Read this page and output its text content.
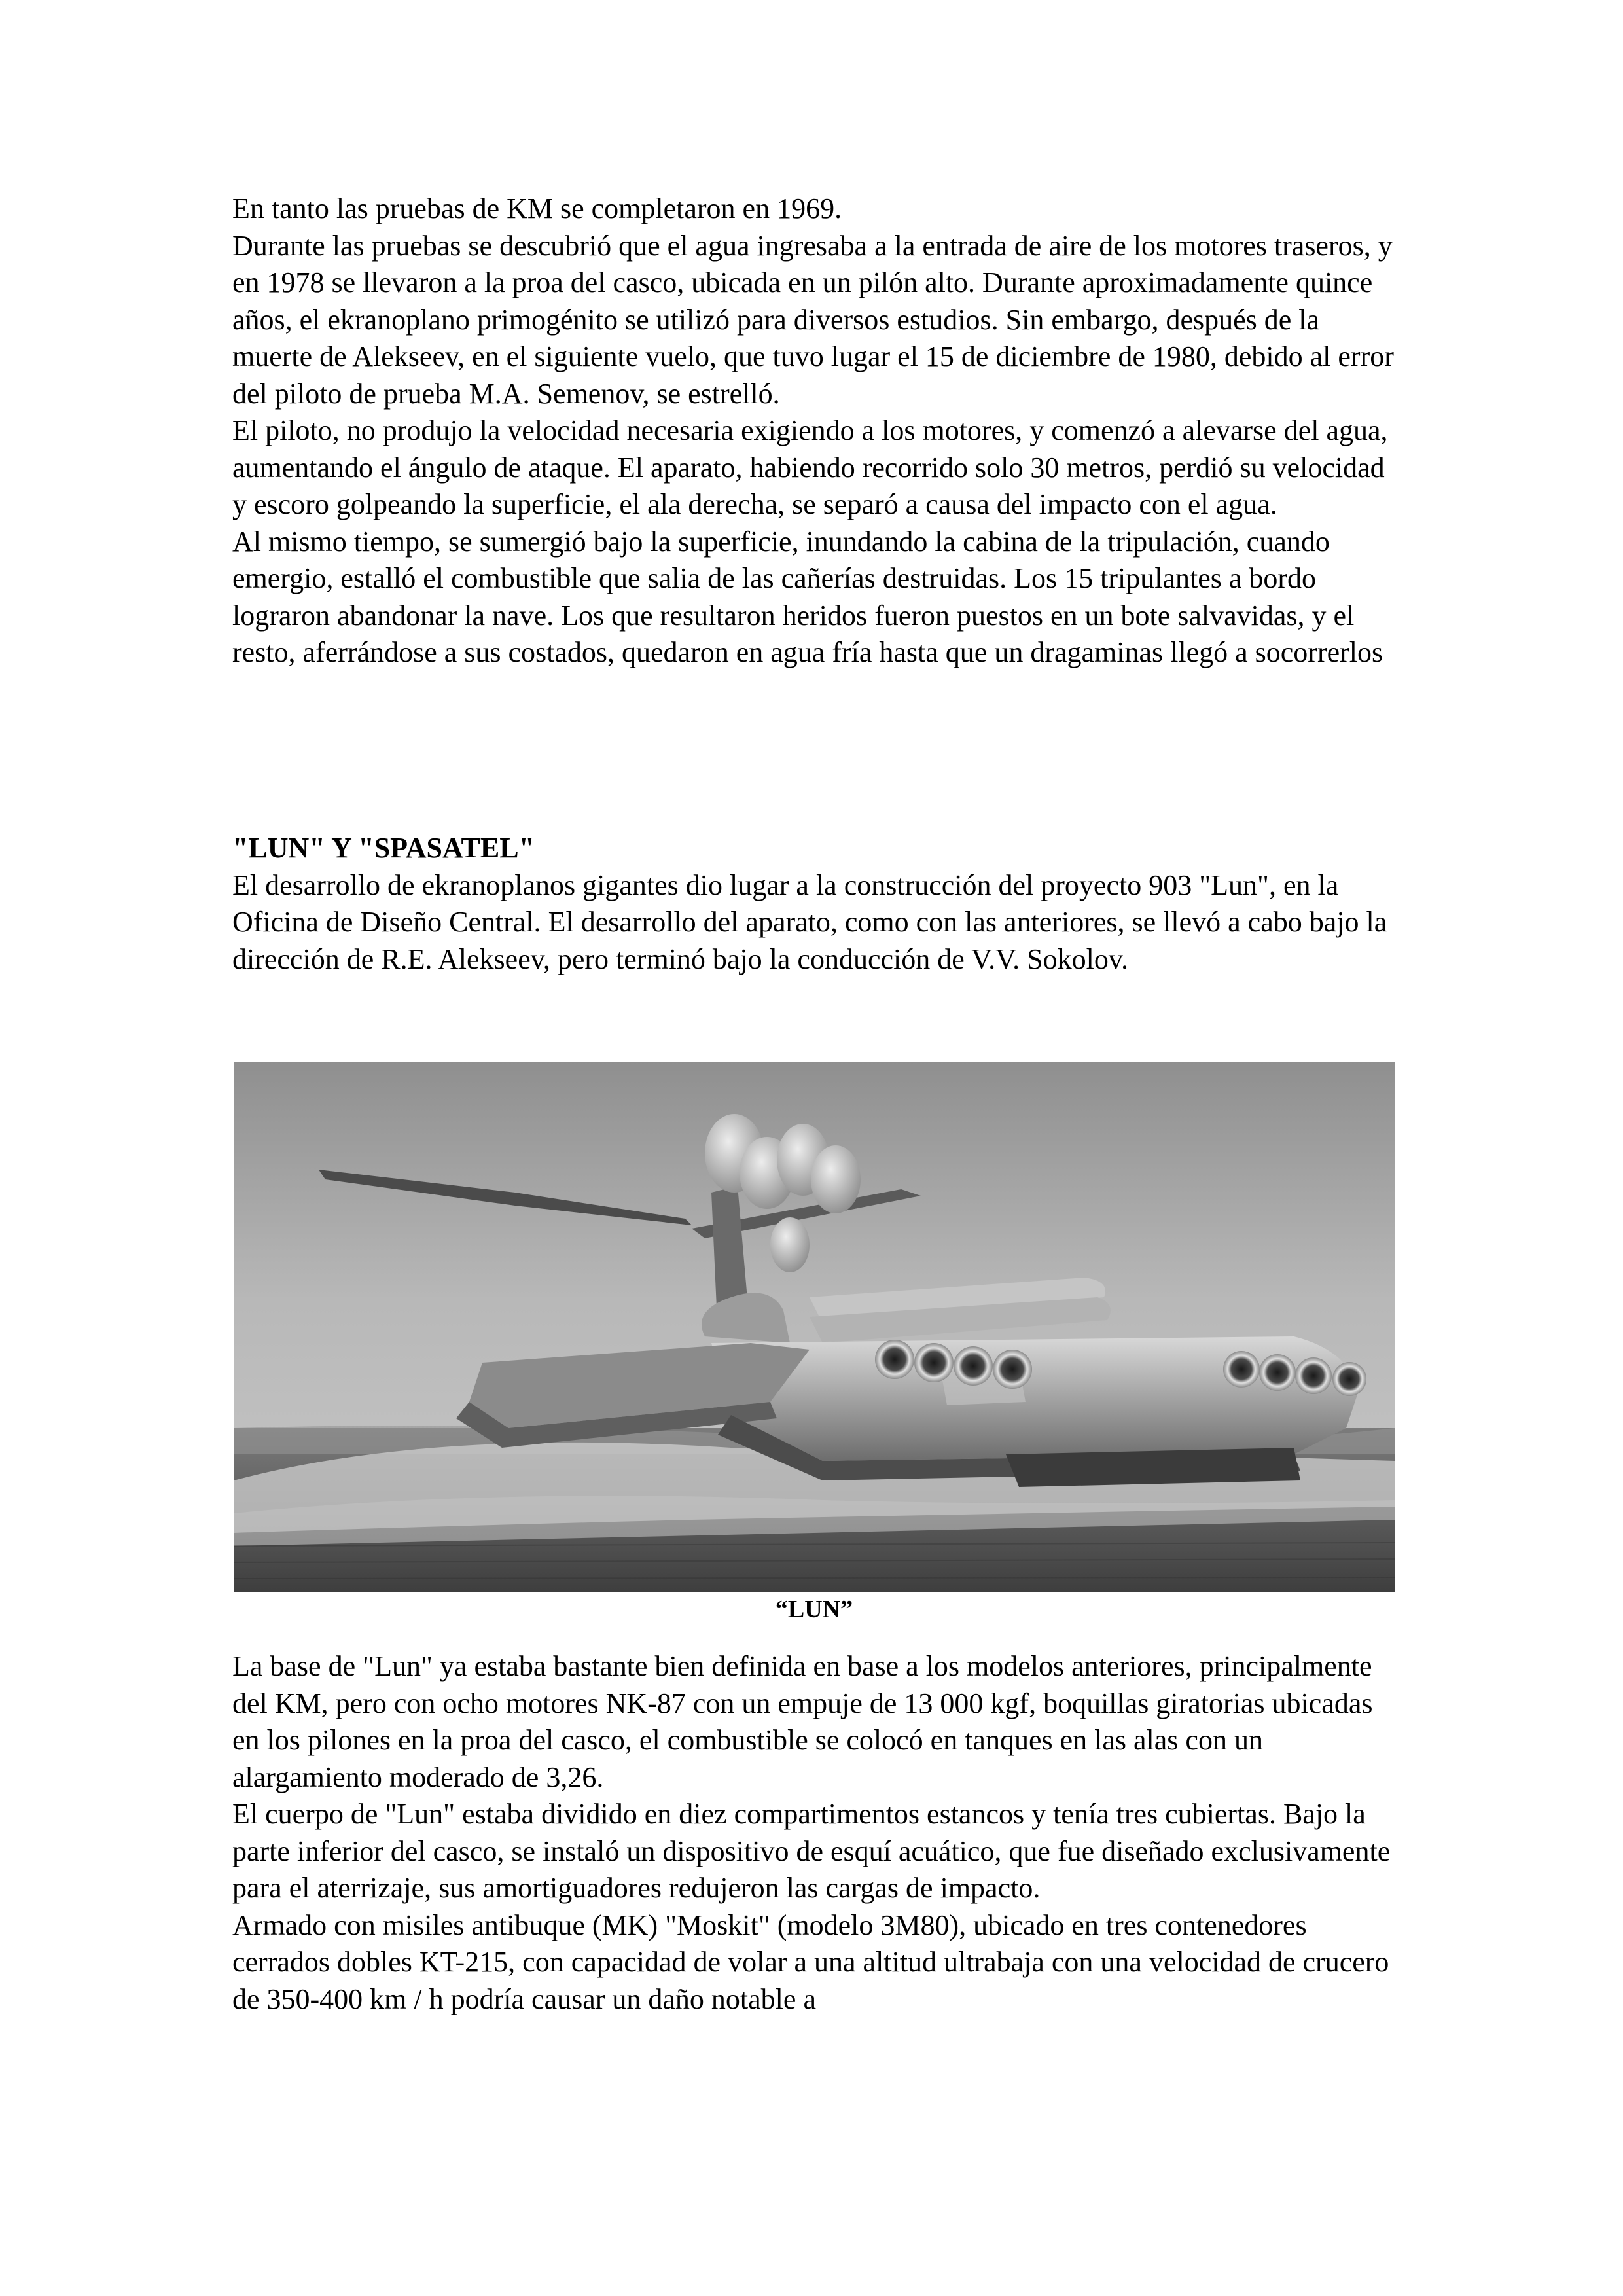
En tanto las pruebas de KM se completaron en 1969.

Durante las pruebas se descubrió que el agua ingresaba a la entrada de aire de los motores traseros, y en 1978 se llevaron a la proa del casco, ubicada en un pilón alto. Durante aproximadamente quince años, el ekranoplano primogénito se utilizó para diversos estudios. Sin embargo, después de la muerte de Alekseev, en el siguiente vuelo, que tuvo lugar el 15 de diciembre de 1980, debido al error del piloto de prueba M.A. Semenov, se estrelló.

El piloto, no produjo la velocidad necesaria exigiendo a los motores, y comenzó a alevarse del agua, aumentando el ángulo de ataque. El aparato, habiendo recorrido solo 30 metros, perdió su velocidad y escoro golpeando la superficie, el ala derecha, se separó a causa del impacto con el agua.

Al mismo tiempo, se sumergió bajo la superficie, inundando la cabina de la tripulación, cuando emergio, estalló el combustible que salia de las cañerías destruidas. Los 15 tripulantes a bordo lograron abandonar la nave. Los que resultaron heridos fueron puestos en un bote salvavidas, y el resto, aferrándose a sus costados, quedaron en agua fría hasta que un dragaminas llegó a socorrerlos

"LUN" Y "SPASATEL"

El desarrollo de ekranoplanos gigantes dio lugar a la construcción del proyecto 903 "Lun", en la Oficina de Diseño Central. El desarrollo del aparato, como con las anteriores, se llevó a cabo bajo la dirección de R.E. Alekseev, pero terminó bajo la conducción de V.V. Sokolov.

“LUN”

La base de "Lun" ya estaba bastante bien definida en base a los modelos anteriores, principalmente del KM, pero con ocho motores NK-87 con un empuje de 13 000 kgf, boquillas giratorias ubicadas en los pilones en la proa del casco, el combustible se colocó en tanques en las alas con un alargamiento moderado de 3,26.

El cuerpo de "Lun" estaba dividido en diez compartimentos estancos y tenía tres cubiertas. Bajo la parte inferior del casco, se instaló un dispositivo de esquí acuático, que fue diseñado exclusivamente para el aterrizaje, sus amortiguadores redujeron las cargas de impacto.

Armado con misiles antibuque (MK) "Moskit" (modelo 3M80), ubicado en tres contenedores cerrados dobles KT-215, con capacidad de volar a una altitud ultrabaja con una velocidad de crucero de 350-400 km / h podría causar un daño notable a
